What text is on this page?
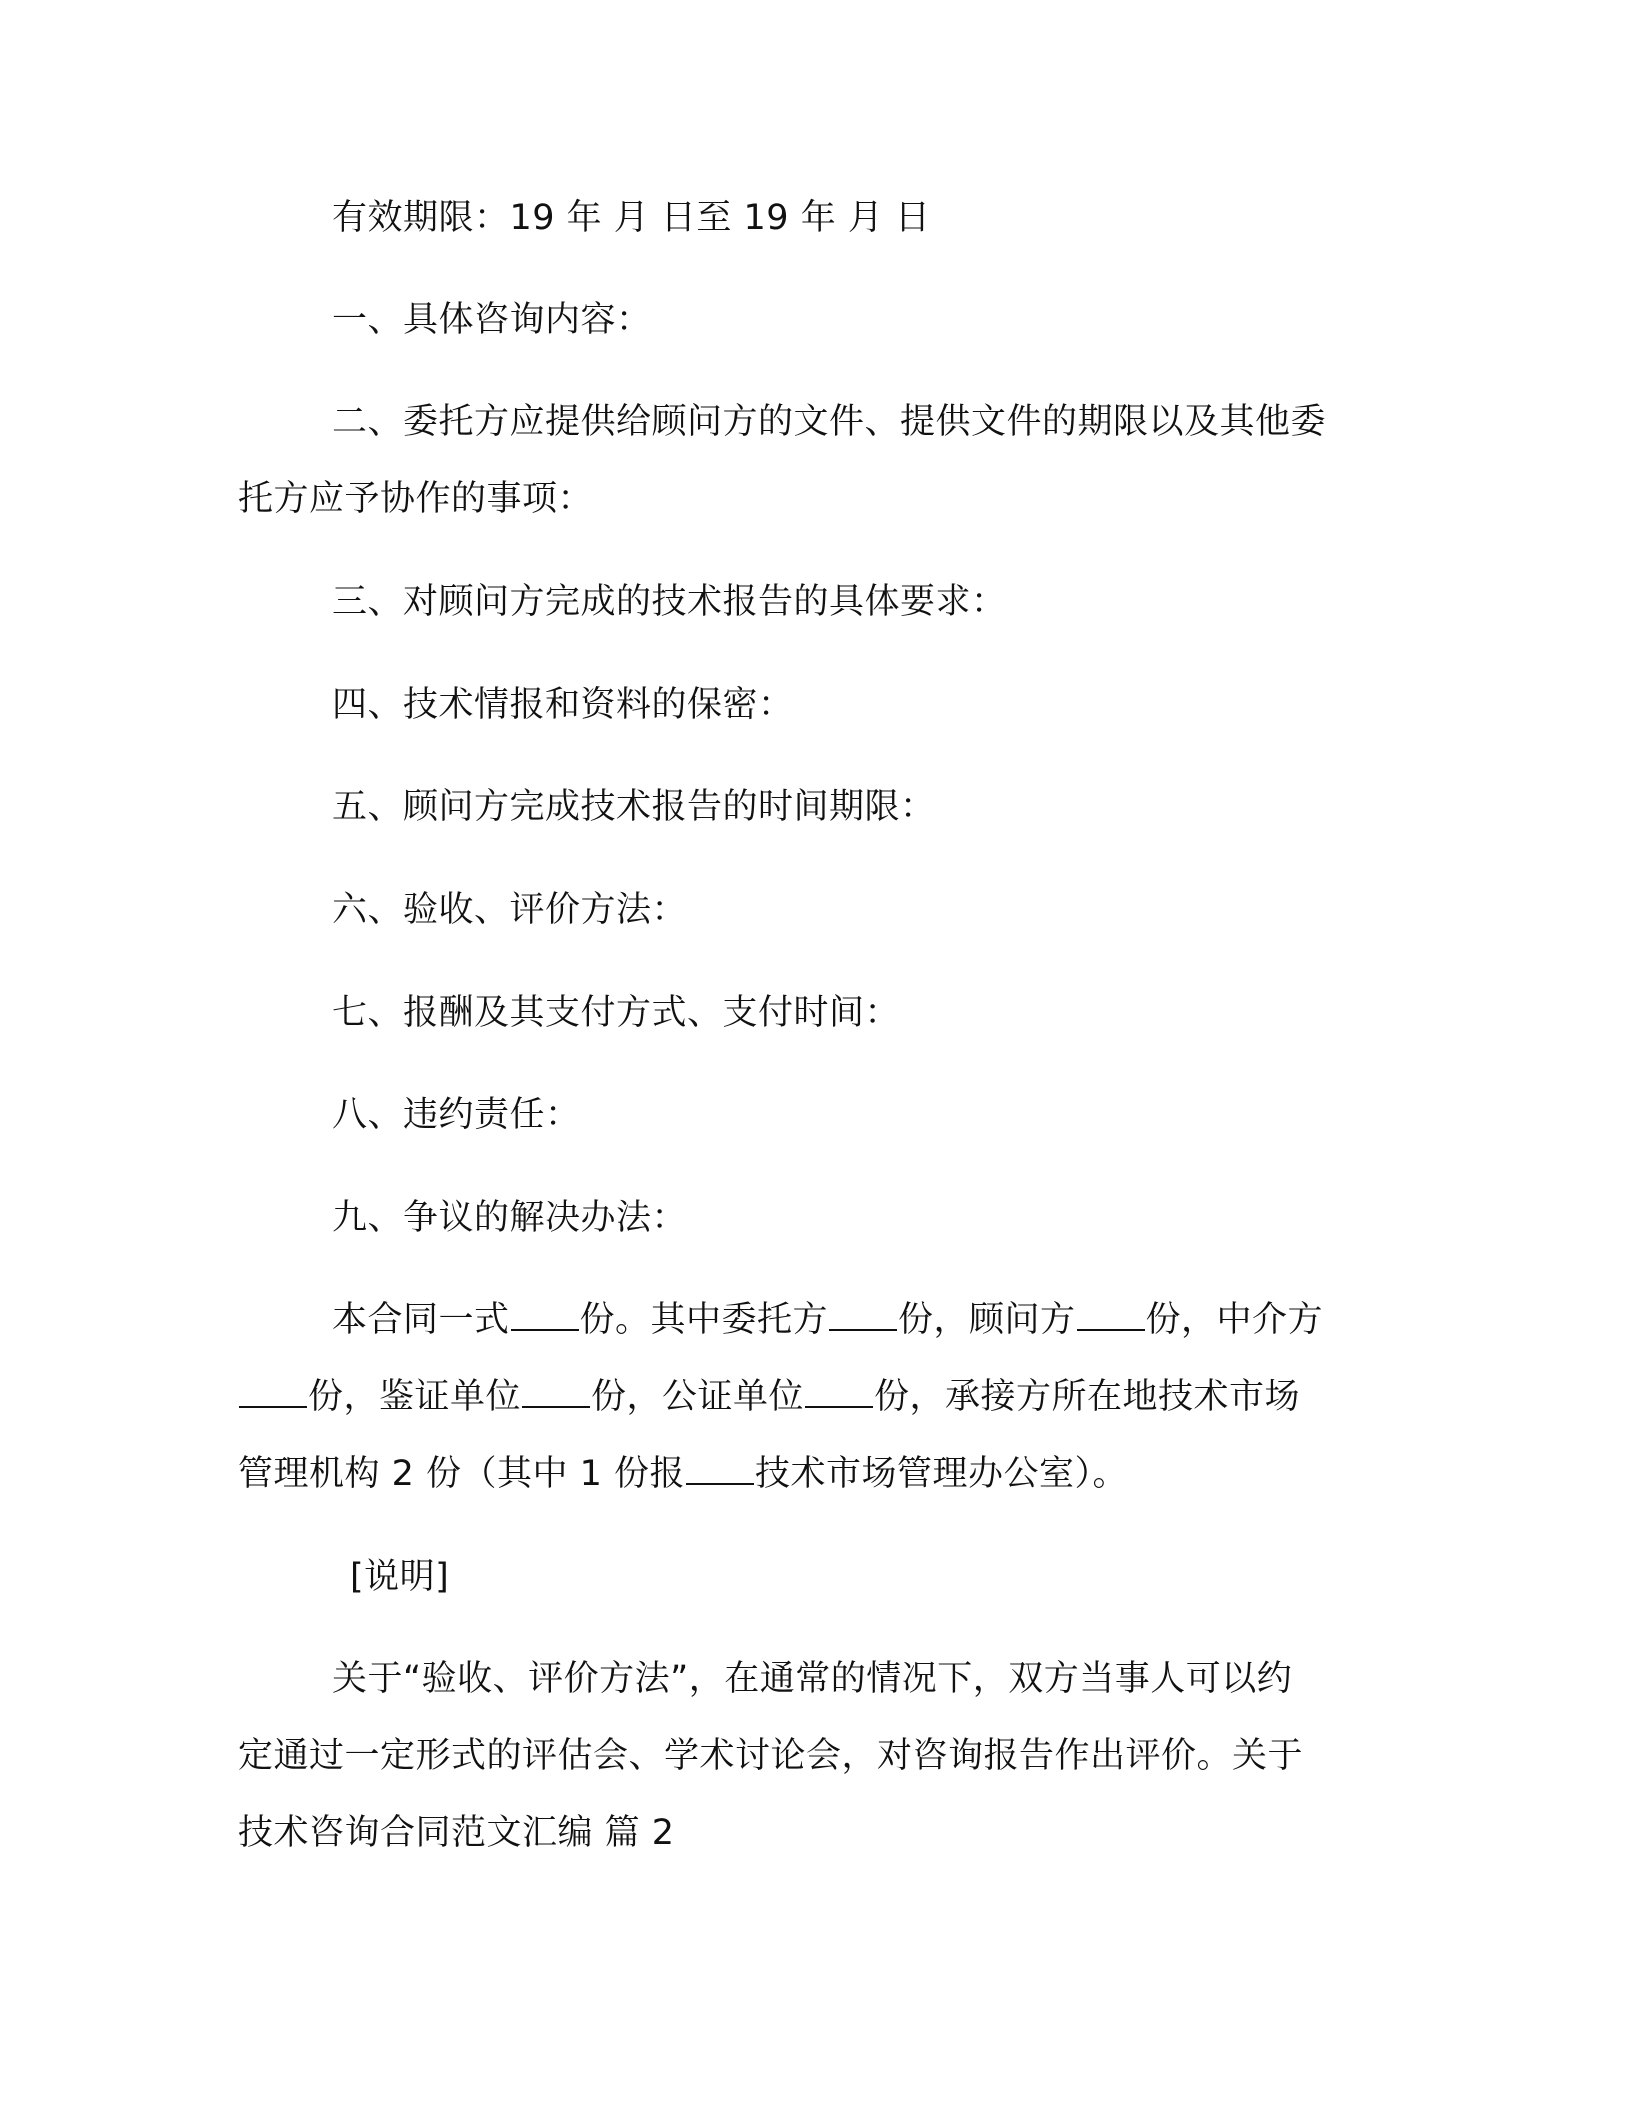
有效期限：19 年 月 日至 19 年 月 日
一、具体咨询内容：
二、委托方应提供给顾问方的文件、提供文件的期限以及其他委
托方应予协作的事项：
三、对顾问方完成的技术报告的具体要求：
四、技术情报和资料的保密：
五、顾问方完成技术报告的时间期限：
六、验收、评价方法：
七、报酬及其支付方式、支付时间：
八、违约责任：
九、争议的解决办法：
本合同一式 份。其中委托方 份，顾问方 份，中介方
份，鉴证单位 份，公证单位 份，承接方所在地技术市场
管理机构 2 份（其中 1 份报 技术市场管理办公室）。
[说明]
关于“验收、评价方法”，在通常的情况下，双方当事人可以约
定通过一定形式的评估会、学术讨论会，对咨询报告作出评价。关于
技术咨询合同范文汇编 篇 2
